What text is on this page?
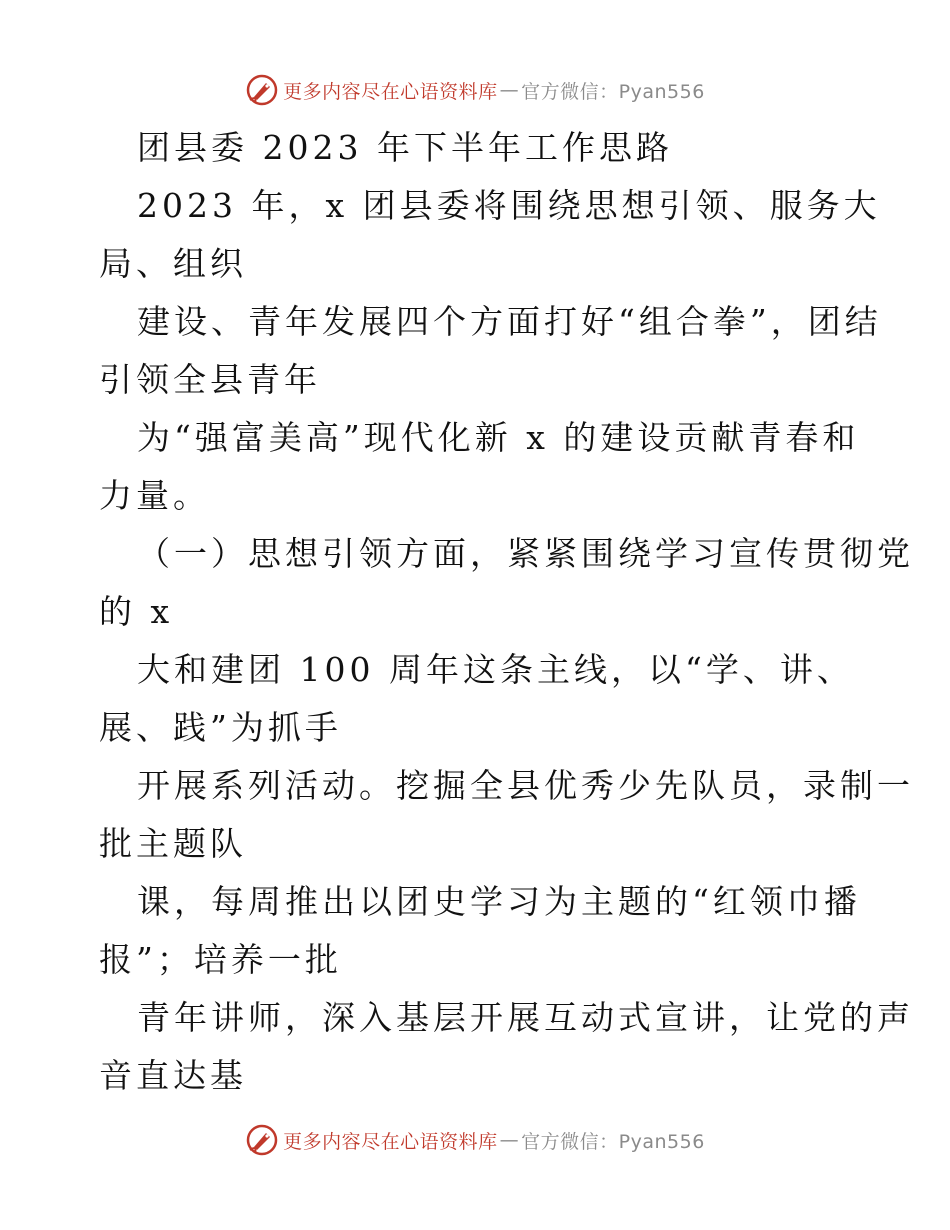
更多内容尽在心语资料库 — 官方微信：Pyan556
团县委 2023 年下半年工作思路
2023 年，x 团县委将围绕思想引领、服务大
局、组织
建设、青年发展四个方面打好“组合拳”，团结
引领全县青年
为“强富美高”现代化新 x 的建设贡献青春和
力量。
（一）思想引领方面，紧紧围绕学习宣传贯彻党
的 x
大和建团 100 周年这条主线，以“学、讲、
展、践”为抓手
开展系列活动。挖掘全县优秀少先队员，录制一
批主题队
课，每周推出以团史学习为主题的“红领巾播
报”；培养一批
青年讲师，深入基层开展互动式宣讲，让党的声
音直达基
更多内容尽在心语资料库 — 官方微信：Pyan556
